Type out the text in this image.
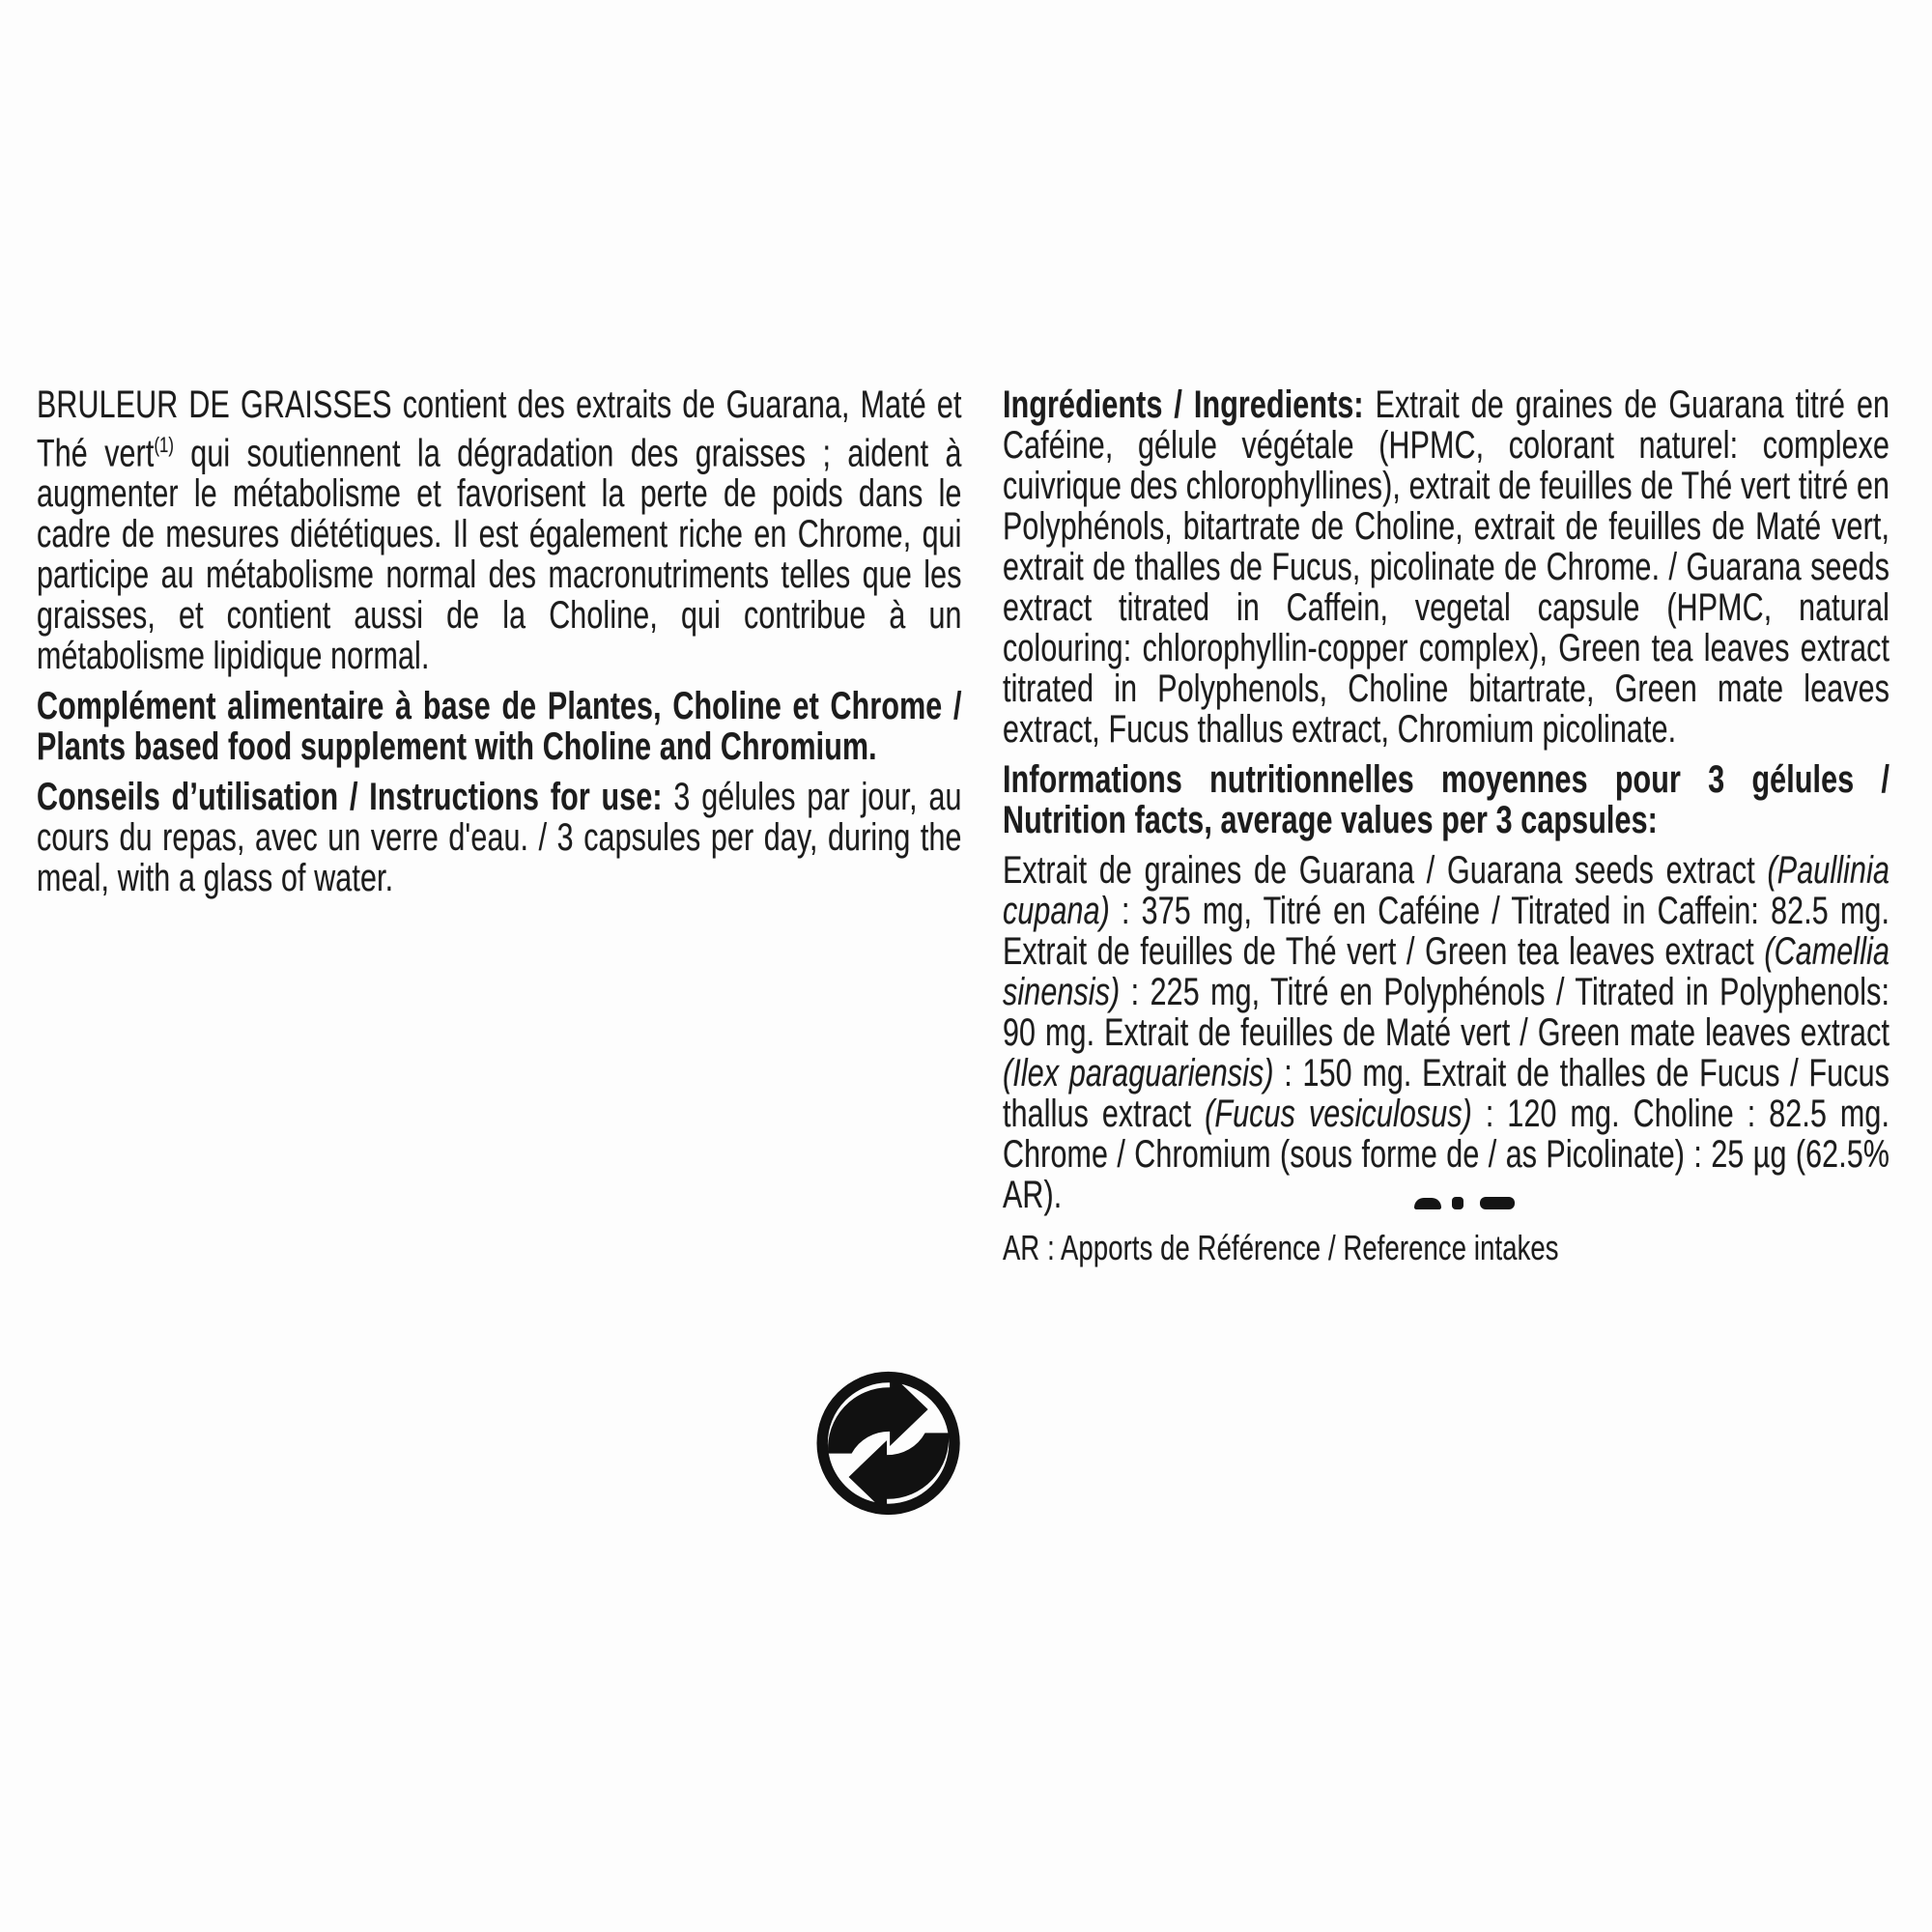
BRULEUR DE GRAISSES contient des extraits de Guarana, Maté et Thé vert$^{(1)}$ qui soutiennent la dégradation des graisses ; aident à augmenter le métabolisme et favorisent la perte de poids dans le cadre de mesures diététiques. Il est également riche en Chrome, qui participe au métabolisme normal des macronutriments telles que les graisses, et contient aussi de la Choline, qui contribue à un métabolisme lipidique normal.

Complément alimentaire à base de Plantes, Choline et Chrome / Plants based food supplement with Choline and Chromium.

Conseils d’utilisation / Instructions for use: 3 gélules par jour, au cours du repas, avec un verre d'eau. / 3 capsules per day, during the meal, with a glass of water.

Ingrédients / Ingredients: Extrait de graines de Guarana titré en Caféine, gélule végétale (HPMC, colorant naturel: complexe cuivrique des chlorophyllines), extrait de feuilles de Thé vert titré en Polyphénols, bitartrate de Choline, extrait de feuilles de Maté vert, extrait de thalles de Fucus, picolinate de Chrome. / Guarana seeds extract titrated in Caffein, vegetal capsule (HPMC, natural colouring: chlorophyllin-copper complex), Green tea leaves extract titrated in Polyphenols, Choline bitartrate, Green mate leaves extract, Fucus thallus extract, Chromium picolinate.

Informations nutritionnelles moyennes pour 3 gélules / Nutrition facts, average values per 3 capsules:

Extrait de graines de Guarana / Guarana seeds extract (Paullinia cupana) : 375 mg, Titré en Caféine / Titrated in Caffein: 82.5 mg. Extrait de feuilles de Thé vert / Green tea leaves extract (Camellia sinensis) : 225 mg, Titré en Polyphénols / Titrated in Polyphenols: 90 mg. Extrait de feuilles de Maté vert / Green mate leaves extract (Ilex paraguariensis) : 150 mg. Extrait de thalles de Fucus / Fucus thallus extract (Fucus vesiculosus) : 120 mg. Choline : 82.5 mg. Chrome / Chromium (sous forme de / as Picolinate) : 25 µg (62.5% AR).

AR : Apports de Référence / Reference intakes
